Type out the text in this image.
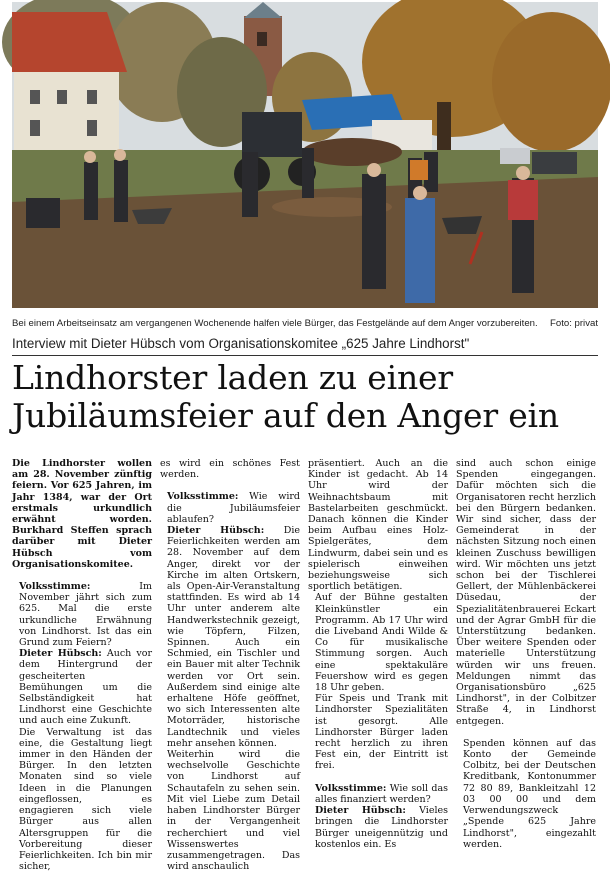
Bei einem Arbeitseinsatz am vergangenen Wochenende halfen viele Bürger, das Festgelände auf dem Anger vorzubereiten. Foto: privat
Interview mit Dieter Hübsch vom Organisationskomitee „625 Jahre Lindhorst"
Lindhorster laden zu einer
Jubiläumsfeier auf den Anger ein

Die Lindhorster wollen am 28. November zünftig feiern. Vor 625 Jahren, im Jahr 1384, war der Ort erstmals urkundlich erwähnt worden. Burkhard Steffen sprach darüber mit Dieter Hübsch vom Organisationskomitee.

Volksstimme: Im November jährt sich zum 625. Mal die erste urkundliche Erwähnung von Lindhorst. Ist das ein Grund zum Feiern?

Dieter Hübsch: Auch vor dem Hintergrund der gescheiterten Bemühungen um die Selbständigkeit hat Lindhorst eine Geschichte und auch eine Zukunft.

Die Verwaltung ist das eine, die Gestaltung liegt immer in den Händen der Bürger. In den letzten Monaten sind so viele Ideen in die Planungen eingeflossen, es engagieren sich viele Bürger aus allen Altersgruppen für die Vorbereitung dieser Feierlichkeiten. Ich bin mir sicher,

es wird ein schönes Fest werden.

Volksstimme: Wie wird die Jubiläumsfeier ablaufen?

Dieter Hübsch: Die Feierlichkeiten werden am 28. November auf dem Anger, direkt vor der Kirche im alten Ortskern, als Open-Air-Veranstaltung stattfinden. Es wird ab 14 Uhr unter anderem alte Handwerkstechnik gezeigt, wie Töpfern, Filzen, Spinnen. Auch ein Schmied, ein Tischler und ein Bauer mit alter Technik werden vor Ort sein. Außerdem sind einige alte erhaltene Höfe geöffnet, wo sich Interessenten alte Motorräder, historische Landtechnik und vieles mehr ansehen können.

Weiterhin wird die wechselvolle Geschichte von Lindhorst auf Schautafeln zu sehen sein. Mit viel Liebe zum Detail haben Lindhorster Bürger in der Vergangenheit recherchiert und viel Wissenswertes zusammengetragen. Das wird anschaulich

präsentiert. Auch an die Kinder ist gedacht. Ab 14 Uhr wird der Weihnachtsbaum mit Bastelarbeiten geschmückt. Danach können die Kinder beim Aufbau eines Holz-Spielgerätes, dem Lindwurm, dabei sein und es spielerisch einweihen beziehungsweise sich sportlich betätigen.

Auf der Bühne gestalten Kleinkünstler ein Programm. Ab 17 Uhr wird die Liveband Andi Wilde & Co für musikalische Stimmung sorgen. Auch eine spektakuläre Feuershow wird es gegen 18 Uhr geben.

Für Speis und Trank mit Lindhorster Spezialitäten ist gesorgt. Alle Lindhorster Bürger laden recht herzlich zu ihren Fest ein, der Eintritt ist frei.

Volksstimme: Wie soll das alles finanziert werden?

Dieter Hübsch: Vieles bringen die Lindhorster Bürger uneigennützig und kostenlos ein. Es

sind auch schon einige Spenden eingegangen. Dafür möchten sich die Organisatoren recht herzlich bei den Bürgern bedanken. Wir sind sicher, dass der Gemeinderat in der nächsten Sitzung noch einen kleinen Zuschuss bewilligen wird. Wir möchten uns jetzt schon bei der Tischlerei Gellert, der Mühlenbäckerei Düsedau, der Spezialitätenbrauerei Eckart und der Agrar GmbH für die Unterstützung bedanken. Über weitere Spenden oder materielle Unterstützung würden wir uns freuen. Meldungen nimmt das Organisationsbüro „625 Lindhorst", in der Colbitzer Straße 4, in Lindhorst entgegen.

Spenden können auf das Konto der Gemeinde Colbitz, bei der Deutschen Kreditbank, Kontonummer 72 80 89, Bankleitzahl 12 03 00 00 und dem Verwendungszweck „Spende 625 Jahre Lindhorst", eingezahlt werden.
